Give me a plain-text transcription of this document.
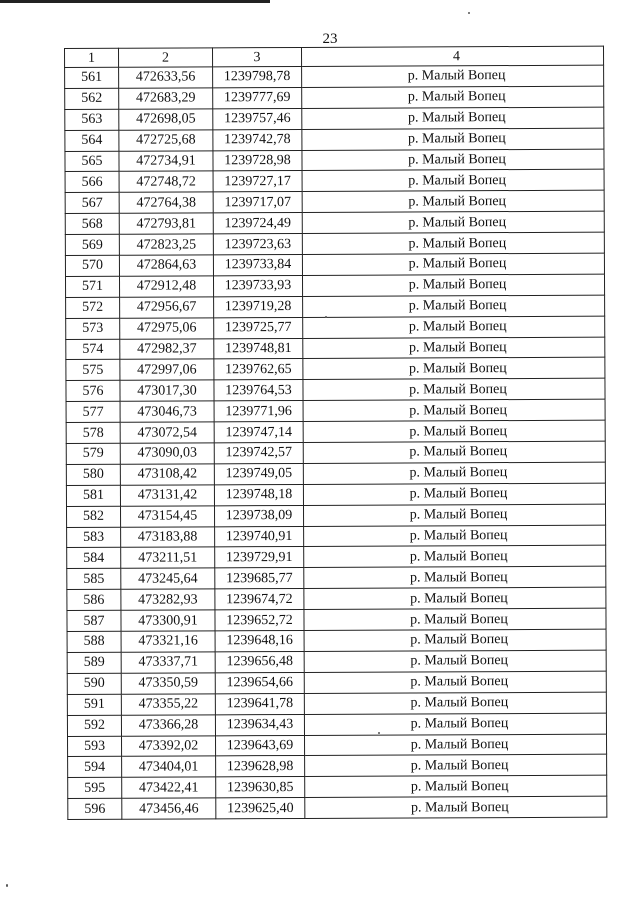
23
1	2	3	4
561	472633,56	1239798,78	р. Малый Вопец
562	472683,29	1239777,69	р. Малый Вопец
563	472698,05	1239757,46	р. Малый Вопец
564	472725,68	1239742,78	р. Малый Вопец
565	472734,91	1239728,98	р. Малый Вопец
566	472748,72	1239727,17	р. Малый Вопец
567	472764,38	1239717,07	р. Малый Вопец
568	472793,81	1239724,49	р. Малый Вопец
569	472823,25	1239723,63	р. Малый Вопец
570	472864,63	1239733,84	р. Малый Вопец
571	472912,48	1239733,93	р. Малый Вопец
572	472956,67	1239719,28	р. Малый Вопец
573	472975,06	1239725,77	р. Малый Вопец
574	472982,37	1239748,81	р. Малый Вопец
575	472997,06	1239762,65	р. Малый Вопец
576	473017,30	1239764,53	р. Малый Вопец
577	473046,73	1239771,96	р. Малый Вопец
578	473072,54	1239747,14	р. Малый Вопец
579	473090,03	1239742,57	р. Малый Вопец
580	473108,42	1239749,05	р. Малый Вопец
581	473131,42	1239748,18	р. Малый Вопец
582	473154,45	1239738,09	р. Малый Вопец
583	473183,88	1239740,91	р. Малый Вопец
584	473211,51	1239729,91	р. Малый Вопец
585	473245,64	1239685,77	р. Малый Вопец
586	473282,93	1239674,72	р. Малый Вопец
587	473300,91	1239652,72	р. Малый Вопец
588	473321,16	1239648,16	р. Малый Вопец
589	473337,71	1239656,48	р. Малый Вопец
590	473350,59	1239654,66	р. Малый Вопец
591	473355,22	1239641,78	р. Малый Вопец
592	473366,28	1239634,43	р. Малый Вопец
593	473392,02	1239643,69	р. Малый Вопец
594	473404,01	1239628,98	р. Малый Вопец
595	473422,41	1239630,85	р. Малый Вопец
596	473456,46	1239625,40	р. Малый Вопец
